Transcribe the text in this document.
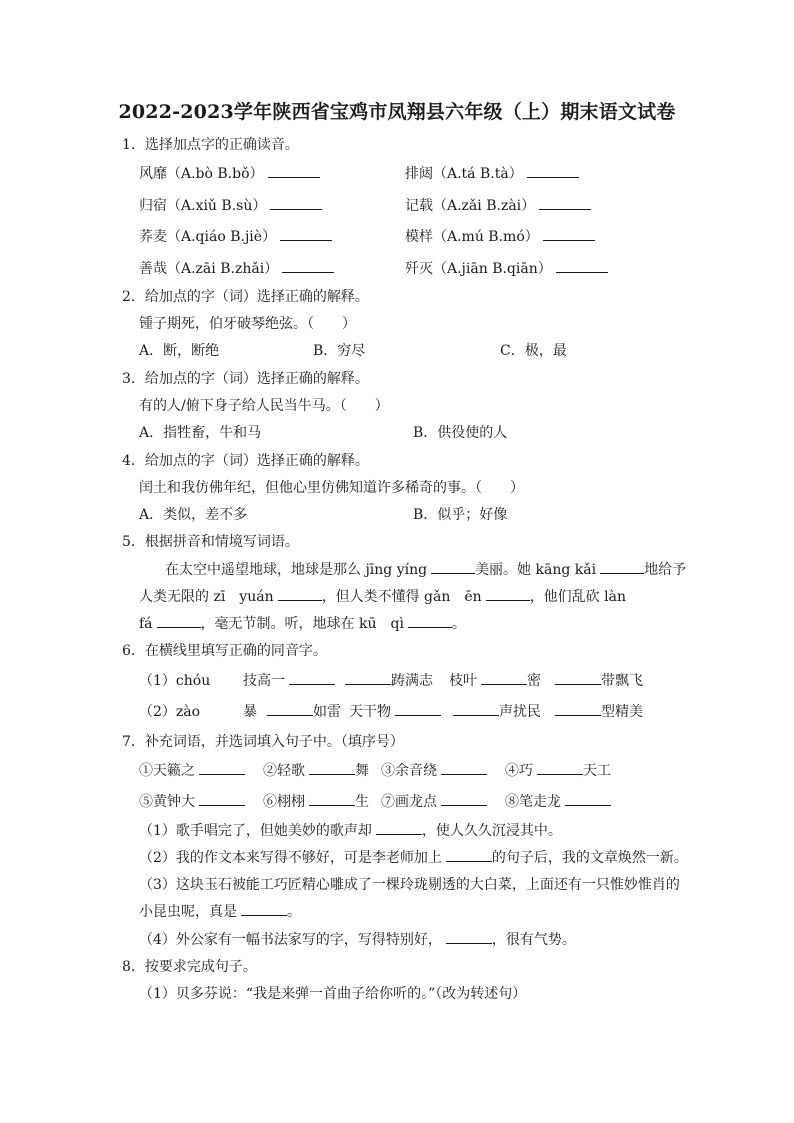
2022-2023学年陕西省宝鸡市凤翔县六年级（上）期末语文试卷
1．选择加点字的正确读音。
风靡（A.bò B.bǒ）	排闼（A.tá B.tà）
归宿（A.xiǔ B.sù）	记载（A.zǎi B.zài）
荞麦（A.qiáo B.jiè）	模样（A.mú B.mó）
善哉（A.zāi B.zhǎi）	歼灭（A.jiān B.qiān）
2．给加点的字（词）选择正确的解释。
锺子期死，伯牙破琴绝弦。（　　）
A．断，断绝	B．穷尽	C．极，最
3．给加点的字（词）选择正确的解释。
有的人/俯下身子给人民当牛马。（　　）
A．指牲畜，牛和马	B．供役使的人
4．给加点的字（词）选择正确的解释。
闰土和我仿佛年纪，但他心里仿佛知道许多稀奇的事。（　　）
A．类似，差不多	B．似乎；好像
5．根据拼音和情境写词语。
在太空中遥望地球，地球是那么 jīng yíng	美丽。她 kāng kǎi	地给予
人类无限的 zī　yuán	，但人类不懂得 gǎn　ēn	，他们乱砍 làn
fá	，毫无节制。听，地球在 kū　qì	。
6．在横线里填写正确的同音字。
（1）chóu 技高一	踌满志 枝叶	密	带飘飞
（2）zào	暴	如雷 天干物	声扰民	型精美
7．补充词语，并选词填入句子中。（填序号）
①天籁之	②轻歌	舞 ③余音绕	④巧	天工
⑤黄钟大	⑥栩栩	生 ⑦画龙点	⑧笔走龙
（1）歌手唱完了，但她美妙的歌声却	，使人久久沉浸其中。
（2）我的作文本来写得不够好，可是李老师加上	的句子后，我的文章焕然一新。
（3）这块玉石被能工巧匠精心雕成了一棵玲珑剔透的大白菜，上面还有一只惟妙惟肖的
小昆虫呢，真是	。
（4）外公家有一幅书法家写的字，写得特别好，	，很有气势。
8．按要求完成句子。
（1）贝多芬说：“我是来弹一首曲子给你听的。”（改为转述句）
